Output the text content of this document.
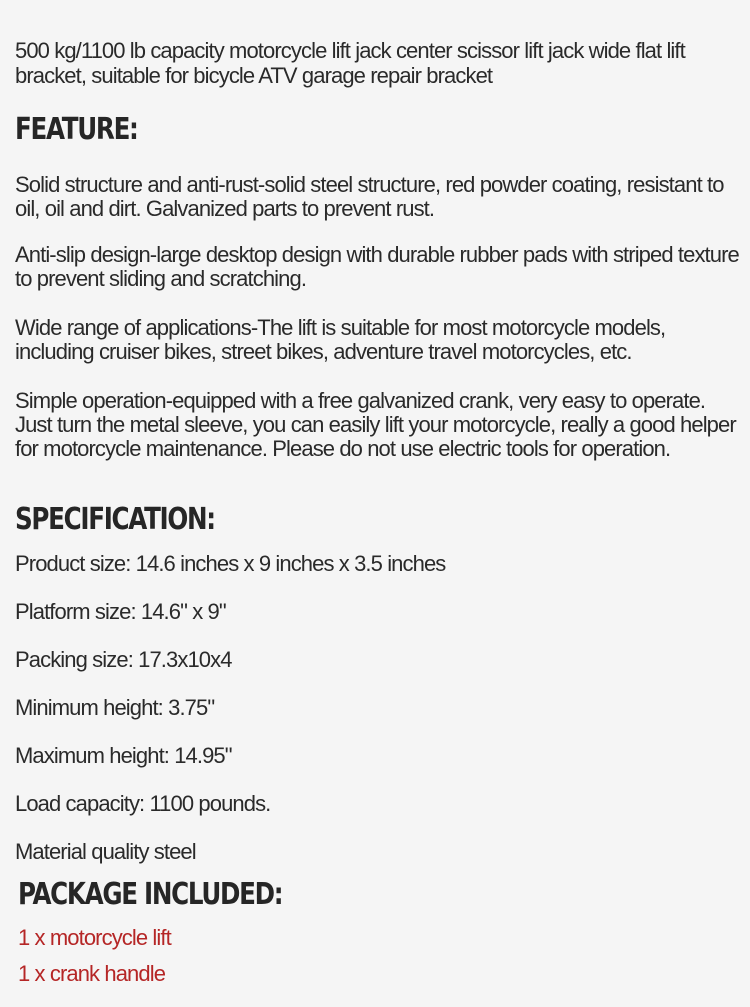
500 kg/1100 lb capacity motorcycle lift jack center scissor lift jack wide flat lift bracket, suitable for bicycle ATV garage repair bracket

FEATURE:

Solid structure and anti-rust-solid steel structure, red powder coating, resistant to oil, oil and dirt. Galvanized parts to prevent rust.

Anti-slip design-large desktop design with durable rubber pads with striped texture to prevent sliding and scratching.

Wide range of applications-The lift is suitable for most motorcycle models, including cruiser bikes, street bikes, adventure travel motorcycles, etc.

Simple operation-equipped with a free galvanized crank, very easy to operate. Just turn the metal sleeve, you can easily lift your motorcycle, really a good helper for motorcycle maintenance. Please do not use electric tools for operation.

SPECIFICATION:

Product size: 14.6 inches x 9 inches x 3.5 inches

Platform size: 14.6" x 9"

Packing size: 17.3x10x4

Minimum height: 3.75"

Maximum height: 14.95"

Load capacity: 1100 pounds.

Material quality steel

PACKAGE INCLUDED:

1 x motorcycle lift

1 x crank handle
